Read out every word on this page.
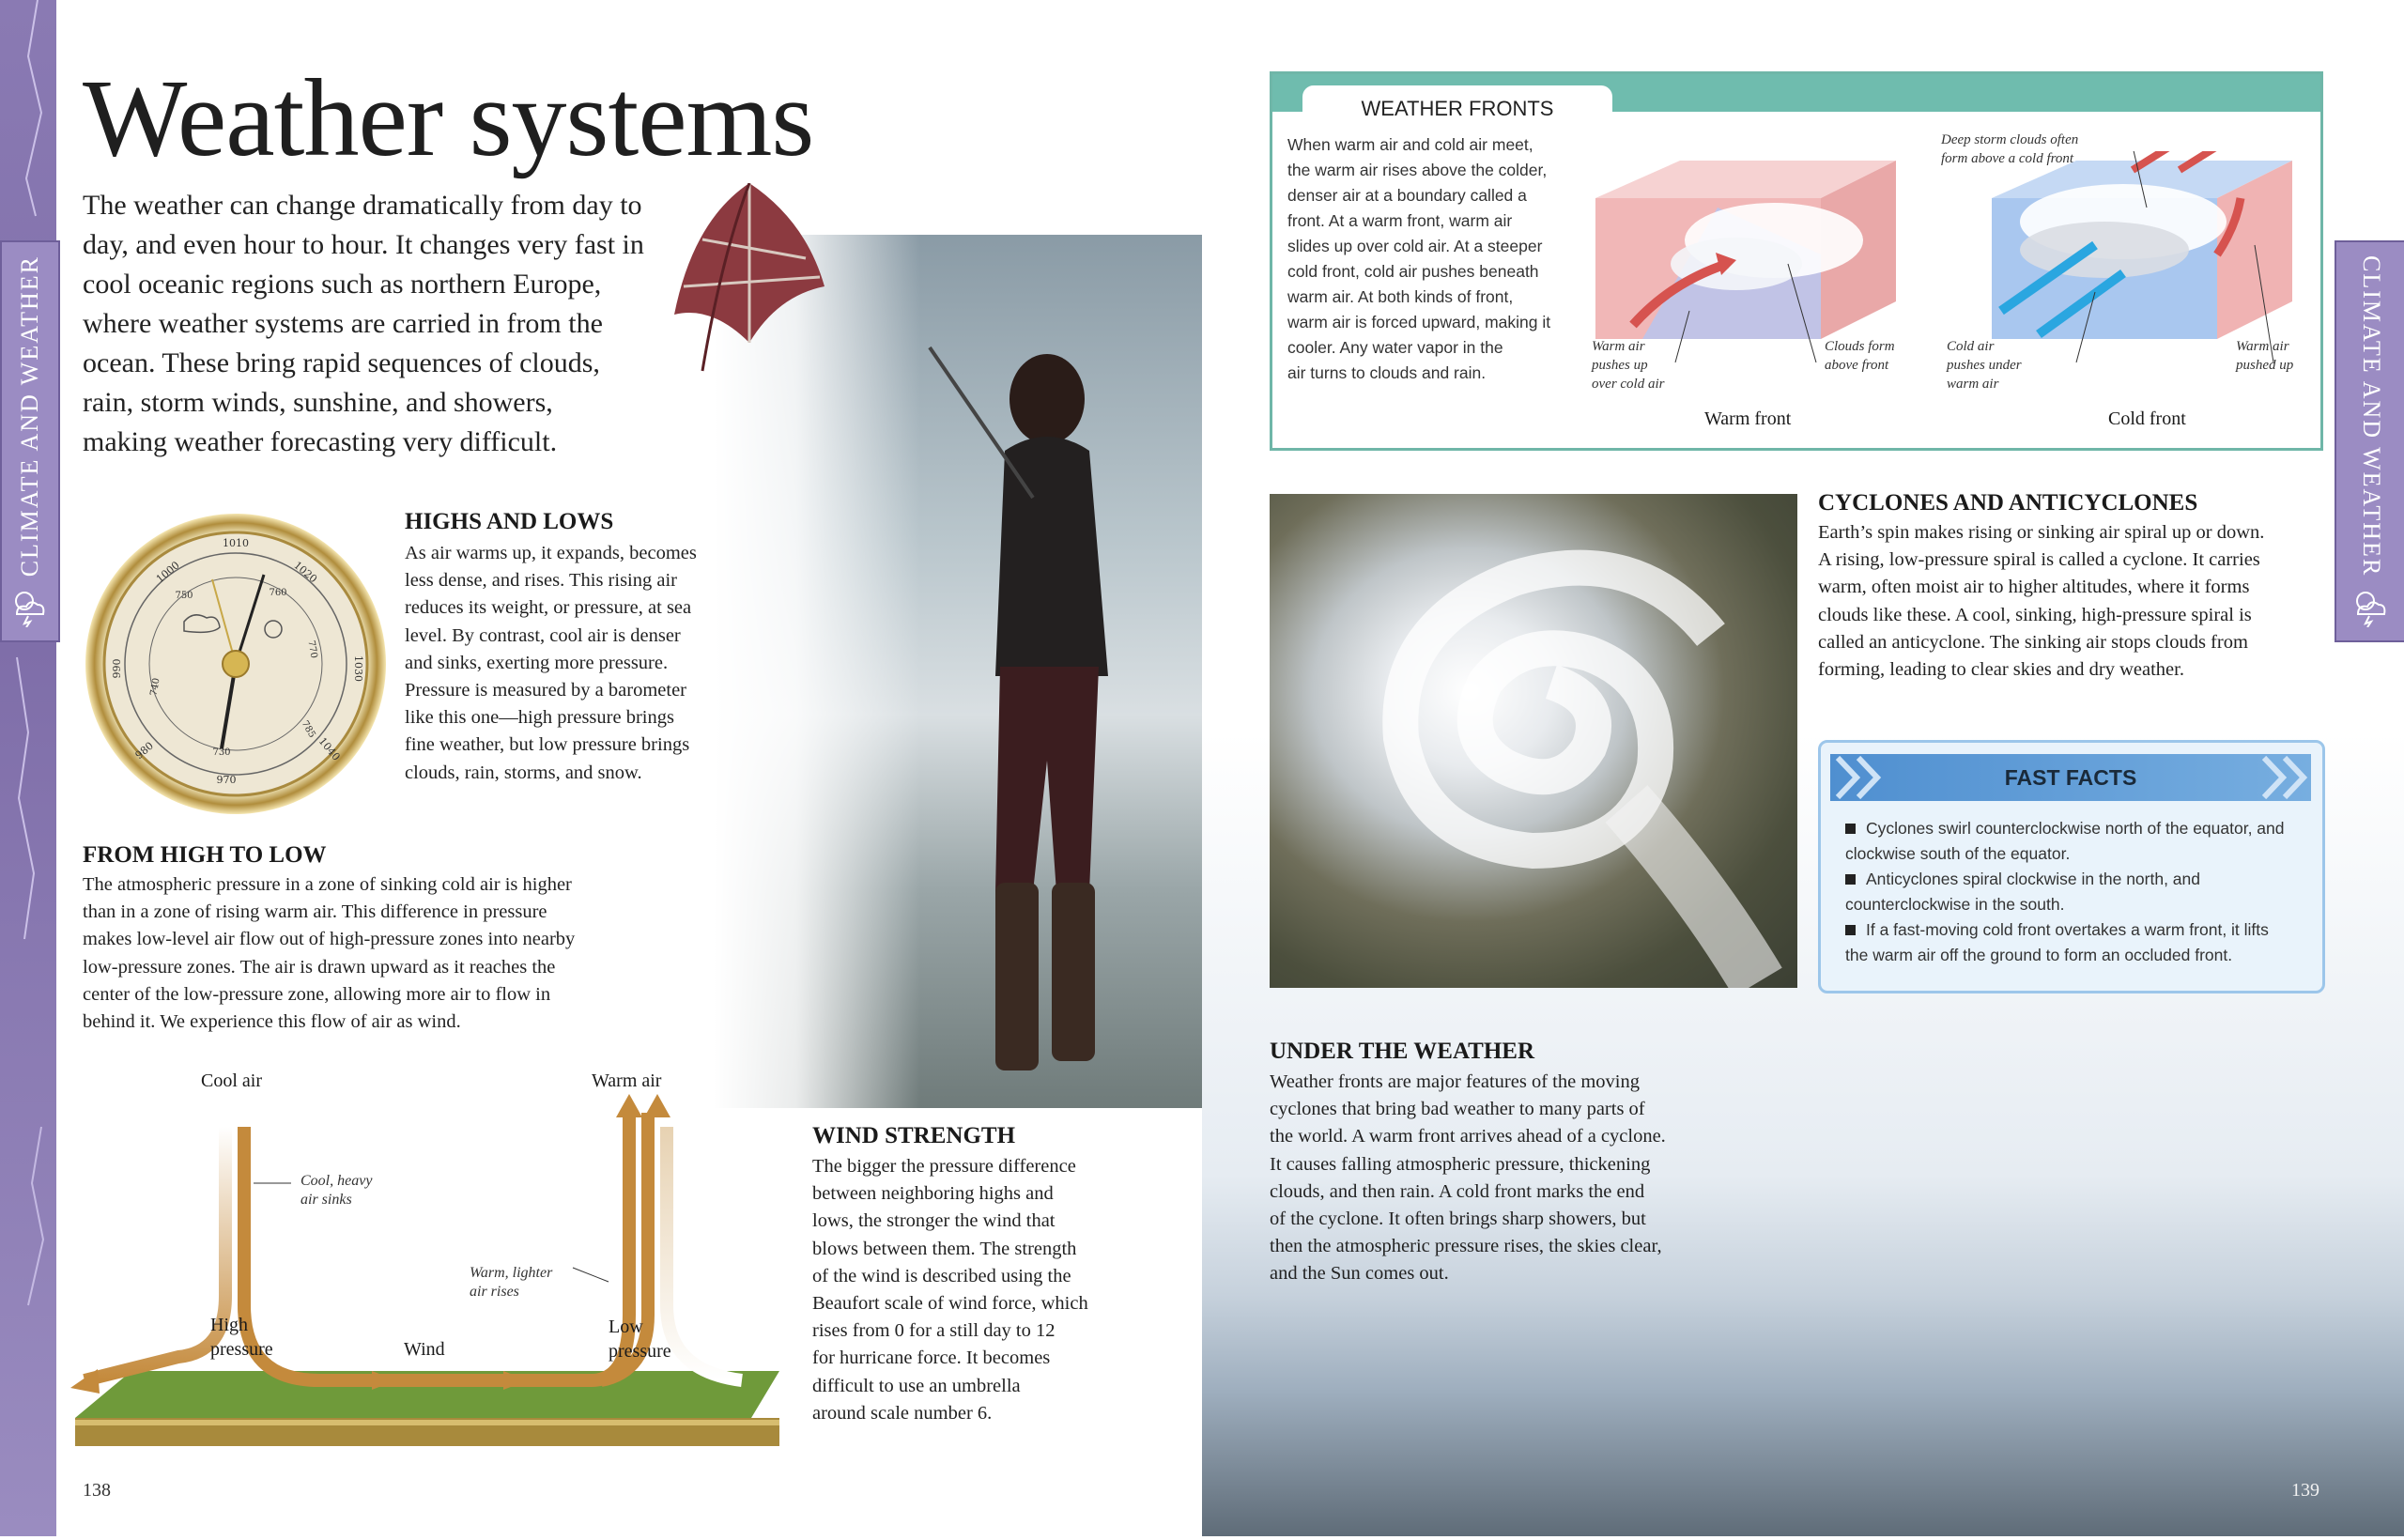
CLIMATE AND WEATHER
Weather systems
The weather can change dramatically from day to
day, and even hour to hour. It changes very fast in
cool oceanic regions such as northern Europe,
where weather systems are carried in from the
ocean. These bring rapid sequences of clouds,
rain, storm winds, sunshine, and showers,
making weather forecasting very difficult.
1010
1000	1020
750	760
990
770
1030
740
980
785
1040
730
970
HIGHS AND LOWS
As air warms up, it expands, becomes
less dense, and rises. This rising air
reduces its weight, or pressure, at sea
level. By contrast, cool air is denser
and sinks, exerting more pressure.
Pressure is measured by a barometer
like this one—high pressure brings
fine weather, but low pressure brings
clouds, rain, storms, and snow.
FROM HIGH TO LOW
The atmospheric pressure in a zone of sinking cold air is higher
than in a zone of rising warm air. This difference in pressure
makes low-level air flow out of high-pressure zones into nearby
low-pressure zones. The air is drawn upward as it reaches the
center of the low-pressure zone, allowing more air to flow in
behind it. We experience this flow of air as wind.
Cool air	Warm air
Cool, heavy
air sinks
Warm, lighter
air rises
High
pressure	Wind
Low
pressure
WIND STRENGTH
The bigger the pressure difference
between neighboring highs and
lows, the stronger the wind that
blows between them. The strength
of the wind is described using the
Beaufort scale of wind force, which
rises from 0 for a still day to 12
for hurricane force. It becomes
difficult to use an umbrella
around scale number 6.
138
CLIMATE AND WEATHER
WEATHER FRONTS
When warm air and cold air meet,
the warm air rises above the colder,
denser air at a boundary called a
front. At a warm front, warm air
slides up over cold air. At a steeper
cold front, cold air pushes beneath
warm air. At both kinds of front,
warm air is forced upward, making it
cooler. Any water vapor in the
air turns to clouds and rain.
Warm air
pushes up
over cold air
Clouds form
above front
Warm front
Deep storm clouds often
form above a cold front
Cold air
pushes under
warm air
Warm air
pushed up
Cold front
CYCLONES AND ANTICYCLONES
Earth’s spin makes rising or sinking air spiral up or down.
A rising, low-pressure spiral is called a cyclone. It carries
warm, often moist air to higher altitudes, where it forms
clouds like these. A cool, sinking, high-pressure spiral is
called an anticyclone. The sinking air stops clouds from
forming, leading to clear skies and dry weather.
FAST FACTS
Cyclones swirl counterclockwise north of the equator, and
clockwise south of the equator.
Anticyclones spiral clockwise in the north, and
counterclockwise in the south.
If a fast-moving cold front overtakes a warm front, it lifts
the warm air off the ground to form an occluded front.
UNDER THE WEATHER
Weather fronts are major features of the moving
cyclones that bring bad weather to many parts of
the world. A warm front arrives ahead of a cyclone.
It causes falling atmospheric pressure, thickening
clouds, and then rain. A cold front marks the end
of the cyclone. It often brings sharp showers, but
then the atmospheric pressure rises, the skies clear,
and the Sun comes out.
139
